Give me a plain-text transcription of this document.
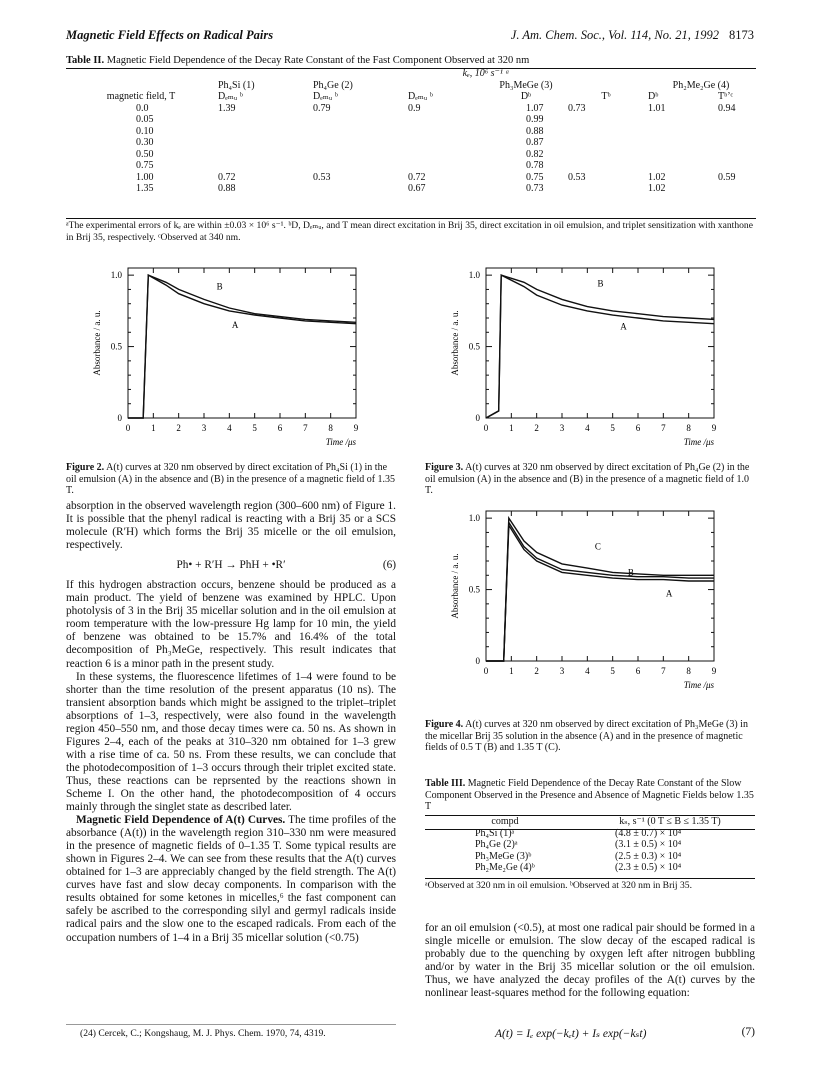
Magnetic Field Effects on Radical Pairs	J. Am. Chem. Soc., Vol. 114, No. 21, 1992 8173
Table II. Magnetic Field Dependence of the Decay Rate Constant of the Fast Component Observed at 320 nm
	kₑ, 10⁶ s⁻¹ ᵃ						
	Ph₄Si (1)	Ph₄Ge (2)	Ph₃MeGe (3)			Ph₂Me₂Ge (4)	
magnetic field, T	Dₑₘᵤ ᵇ	Dₑₘᵤ ᵇ	Dₑₘᵤ ᵇ	Dᵇ	Tᵇ	Dᵇ	Tᵇʼᶜ
0.0	1.39	0.79	0.9	1.07	0.73	1.01	0.94
0.05				0.99			
0.10				0.88			
0.30				0.87			
0.50				0.82			
0.75				0.78			
1.00	0.72	0.53	0.72	0.75	0.53	1.02	0.59
1.35	0.88		0.67	0.73		1.02	
ᵃThe experimental errors of kₑ are within ±0.03 × 10⁶ s⁻¹. ᵇD, Dₑₘᵤ, and T mean direct excitation in Brij 35, direct excitation in oil emulsion, and triplet sensitization with xanthone in Brij 35, respectively. ᶜObserved at 340 nm.
0 1 2 3 4 5 6 7 8 9
0
0.5
1.0
Absorbance / a. u.
Time /μs
A
B
Figure 2. A(t) curves at 320 nm observed by direct excitation of Ph₄Si (1) in the oil emulsion (A) in the absence and (B) in the presence of a magnetic field of 1.35 T.
0 1 2 3 4 5 6 7 8 9
0
0.5
1.0
Absorbance / a. u.
Time /μs
A
B
Figure 3. A(t) curves at 320 nm observed by direct excitation of Ph₄Ge (2) in the oil emulsion (A) in the absence and (B) in the presence of a magnetic field of 1.0 T.
0 1 2 3 4 5 6 7 8 9
0
0.5
1.0
Absorbance / a. u.
Time /μs
A
B
C
Figure 4. A(t) curves at 320 nm observed by direct excitation of Ph₃MeGe (3) in the micellar Brij 35 solution in the absence (A) and in the presence of magnetic fields of 0.5 T (B) and 1.35 T (C).

absorption in the observed wavelength region (300–600 nm) of Figure 1. It is possible that the phenyl radical is reacting with a Brij 35 or a SCS molecule (R′H) which forms the Brij 35 micelle or the oil emulsion, respectively.

Ph• + R′H → PhH + •R′	(6)

If this hydrogen abstraction occurs, benzene should be produced as a main product. The yield of benzene was examined by HPLC. Upon photolysis of 3 in the Brij 35 micellar solution and in the oil emulsion at room temperature with the low-pressure Hg lamp for 10 min, the yield of benzene was obtained to be 15.7% and 16.4% of the total decomposition of Ph₃MeGe, respectively. This result indicates that reaction 6 is a minor path in the present study.

In these systems, the fluorescence lifetimes of 1–4 were found to be shorter than the time resolution of the present apparatus (10 ns). The transient absorption bands which might be assigned to the triplet–triplet absorptions of 1–3, respectively, were also found in the wavelength region 450–550 nm, and those decay times were ca. 50 ns. As shown in Figures 2–4, each of the peaks at 310–320 nm obtained for 1–3 grew with a rise time of ca. 50 ns. From these results, we can conclude that the photodecomposition of 1–3 occurs through their triplet excited state. Thus, these reactions can be reprsented by the reactions shown in Scheme I. On the other hand, the photodecomposition of 4 occurs mainly through the singlet state as described later.

Magnetic Field Dependence of A(t) Curves. The time profiles of the absorbance (A(t)) in the wavelength region 310–330 nm were measured in the presence of magnetic fields of 0–1.35 T. Some typical results are shown in Figures 2–4. We can see from these results that the A(t) curves obtained for 1–3 are appreciably changed by the field strength. The A(t) curves have fast and slow decay components. In comparison with the results obtained for some ketones in micelles,⁶ the fast component can safely be ascribed to the corresponding silyl and germyl radicals inside radical pairs and the slow one to the escaped radicals. From each of the occupation numbers of 1–4 in a Brij 35 micellar solution (<0.75)

(24) Cercek, C.; Kongshaug, M. J. Phys. Chem. 1970, 74, 4319.
Table III. Magnetic Field Dependence of the Decay Rate Constant of the Slow Component Observed in the Presence and Absence of Magnetic Fields below 1.35 T
compd	kₛ, s⁻¹ (0 T ≤ B ≤ 1.35 T)
Ph₄Si (1)ᵃ	(4.8 ± 0.7) × 10⁴
Ph₄Ge (2)ᵃ	(3.1 ± 0.5) × 10⁴
Ph₃MeGe (3)ᵇ	(2.5 ± 0.3) × 10⁴
Ph₂Me₂Ge (4)ᵇ	(2.3 ± 0.5) × 10⁴
ᵃObserved at 320 nm in oil emulsion. ᵇObserved at 320 nm in Brij 35.

for an oil emulsion (<0.5), at most one radical pair should be formed in a single micelle or emulsion. The slow decay of the escaped radical is probably due to the quenching by oxygen left after nitrogen bubbling and/or by water in the Brij 35 micellar solution or the oil emulsion. Thus, we have analyzed the decay profiles of the A(t) curves by the nonlinear least-squares method for the following equation:

A(t) = Iₑ exp(−kₑt) + Iₛ exp(−kₛt)	(7)
